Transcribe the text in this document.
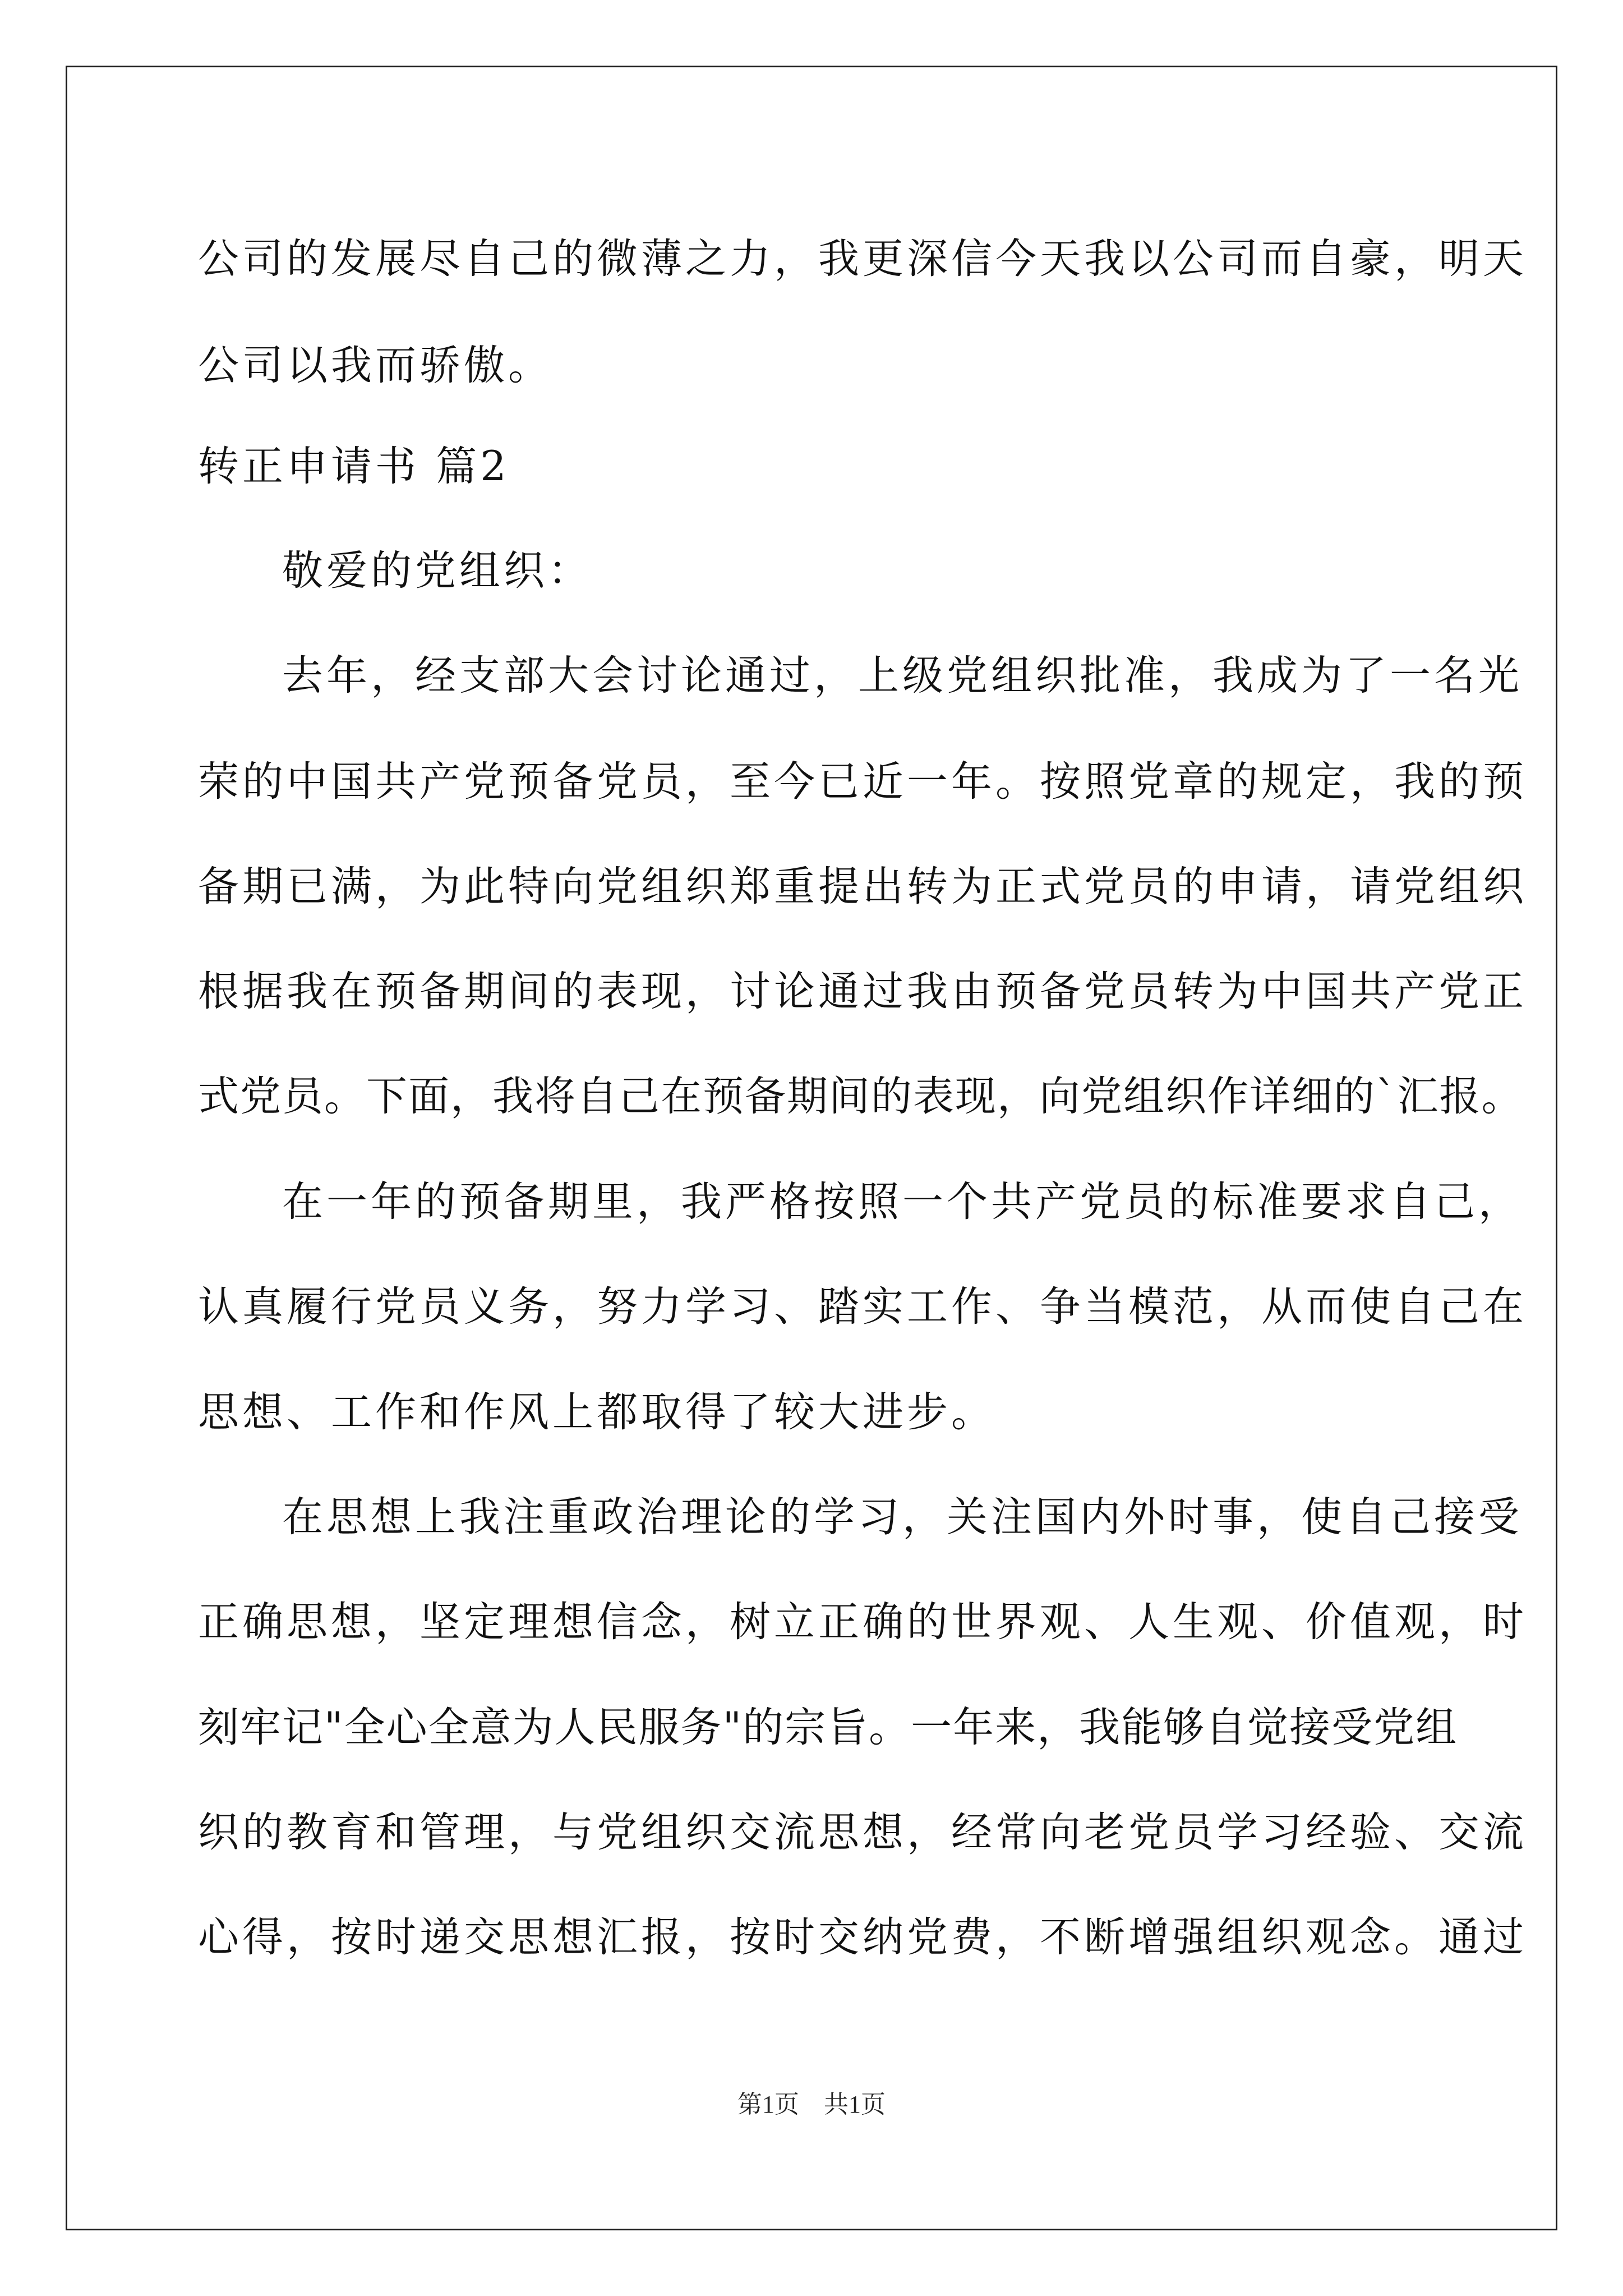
公司的发展尽自己的微薄之力，我更深信今天我以公司而自豪，明天
公司以我而骄傲。
转正申请书 篇2
敬爱的党组织：
去年，经支部大会讨论通过，上级党组织批准，我成为了一名光
荣的中国共产党预备党员，至今已近一年。按照党章的规定，我的预
备期已满，为此特向党组织郑重提出转为正式党员的申请，请党组织
根据我在预备期间的表现，讨论通过我由预备党员转为中国共产党正
式党员。下面，我将自己在预备期间的表现，向党组织作详细的`汇报。
在一年的预备期里，我严格按照一个共产党员的标准要求自己，
认真履行党员义务，努力学习、踏实工作、争当模范，从而使自己在
思想、工作和作风上都取得了较大进步。
在思想上我注重政治理论的学习，关注国内外时事，使自己接受
正确思想，坚定理想信念，树立正确的世界观、人生观、价值观，时
刻牢记"全心全意为人民服务"的宗旨。一年来，我能够自觉接受党组
织的教育和管理，与党组织交流思想，经常向老党员学习经验、交流
心得，按时递交思想汇报，按时交纳党费，不断增强组织观念。通过
第1页　共1页
